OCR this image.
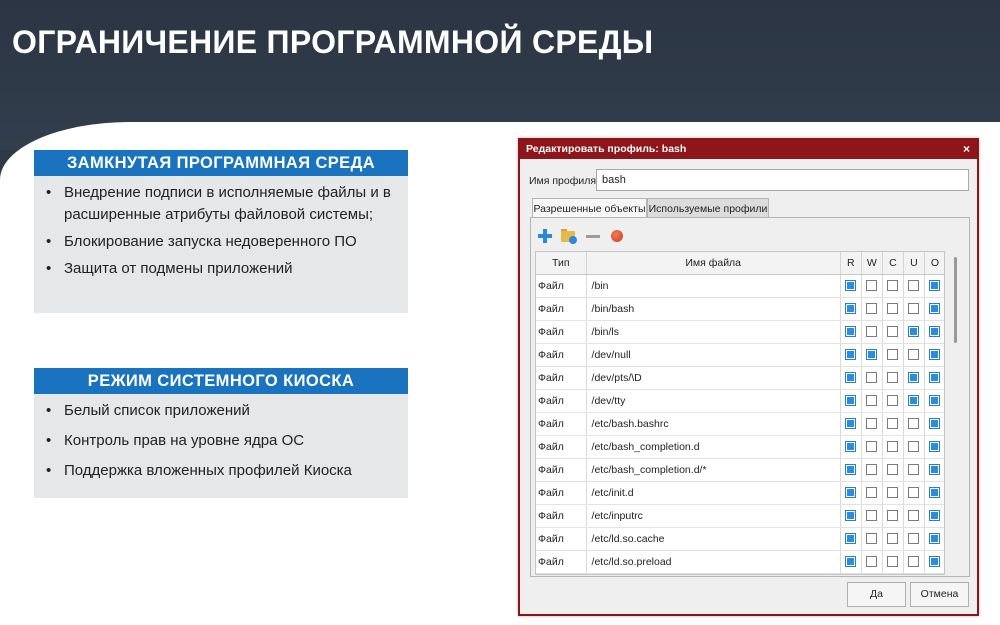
ОГРАНИЧЕНИЕ ПРОГРАММНОЙ СРЕДЫ
ЗАМКНУТАЯ ПРОГРАММНАЯ СРЕДА
• Внедрение подписи в исполняемые файлы и в расширенные атрибуты файловой системы;
• Блокирование запуска недоверенного ПО
• Защита от подмены приложений
РЕЖИМ СИСТЕМНОГО КИОСКА
• Белый список приложений
• Контроль прав на уровне ядра ОС
• Поддержка вложенных профилей Киоска
Редактировать профиль: bash	×
Имя профиля
bash
Разрешенные объекты Используемые профили
Тип	Имя файла	R	W	C	U	O
Файл	/bin					
Файл	/bin/bash					
Файл	/bin/ls					
Файл	/dev/null					
Файл	/dev/pts/\D					
Файл	/dev/tty					
Файл	/etc/bash.bashrc					
Файл	/etc/bash_completion.d					
Файл	/etc/bash_completion.d/*					
Файл	/etc/init.d					
Файл	/etc/inputrc					
Файл	/etc/ld.so.cache					
Файл	/etc/ld.so.preload					
Да	Отмена
